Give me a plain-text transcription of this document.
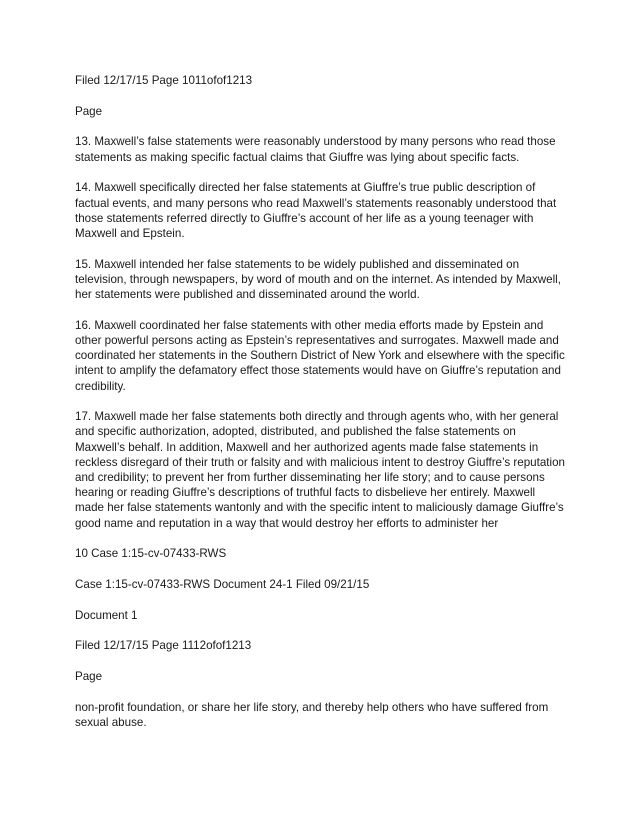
Filed 12/17/15 Page 1011ofof1213

Page

13. Maxwell’s false statements were reasonably understood by many persons who read those statements as making specific factual claims that Giuffre was lying about specific facts.

14. Maxwell specifically directed her false statements at Giuffre’s true public description of factual events, and many persons who read Maxwell’s statements reasonably understood that those statements referred directly to Giuffre’s account of her life as a young teenager with Maxwell and Epstein.

15. Maxwell intended her false statements to be widely published and disseminated on television, through newspapers, by word of mouth and on the internet. As intended by Maxwell, her statements were published and disseminated around the world.

16. Maxwell coordinated her false statements with other media efforts made by Epstein and other powerful persons acting as Epstein’s representatives and surrogates. Maxwell made and coordinated her statements in the Southern District of New York and elsewhere with the specific intent to amplify the defamatory effect those statements would have on Giuffre’s reputation and credibility.

17. Maxwell made her false statements both directly and through agents who, with her general and specific authorization, adopted, distributed, and published the false statements on Maxwell’s behalf. In addition, Maxwell and her authorized agents made false statements in reckless disregard of their truth or falsity and with malicious intent to destroy Giuffre’s reputation and credibility; to prevent her from further disseminating her life story; and to cause persons hearing or reading Giuffre’s descriptions of truthful facts to disbelieve her entirely. Maxwell made her false statements wantonly and with the specific intent to maliciously damage Giuffre’s good name and reputation in a way that would destroy her efforts to administer her

10 Case 1:15-cv-07433-RWS

Case 1:15-cv-07433-RWS Document 24-1 Filed 09/21/15

Document 1

Filed 12/17/15 Page 1112ofof1213

Page

non-profit foundation, or share her life story, and thereby help others who have suffered from sexual abuse.
